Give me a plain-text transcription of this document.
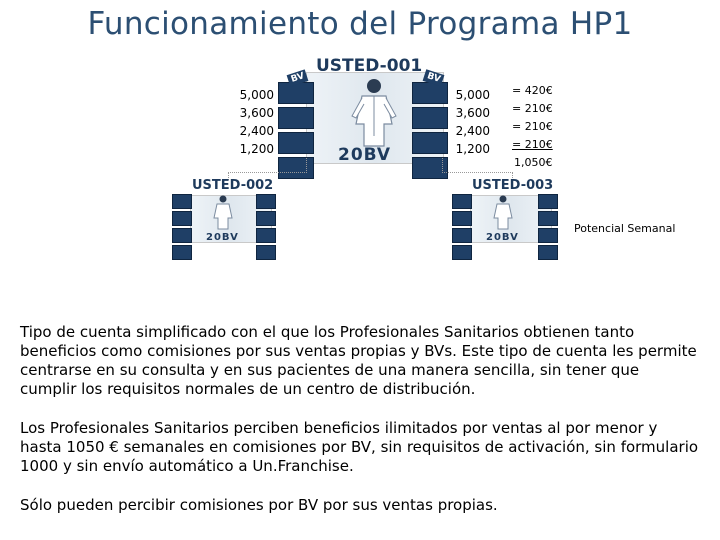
Funcionamiento del Programa HP1
USTED-001
BV	BV
20BV
5,000
3,600
2,400
1,200
5,000
3,600
2,400
1,200
= 420€
= 210€
= 210€
= 210€
1,050€
USTED-002
20BV
USTED-003
20BV
Potencial Semanal
Tipo de cuenta simplificado con el que los Profesionales Sanitarios obtienen tanto beneficios como comisiones por sus ventas propias y BVs. Este tipo de cuenta les permite centrarse en su consulta y en sus pacientes de una manera sencilla, sin tener que cumplir los requisitos normales de un centro de distribución.
Los Profesionales Sanitarios perciben beneficios ilimitados por ventas al por menor y hasta 1050 € semanales en comisiones por BV, sin requisitos de activación, sin formulario 1000 y sin envío automático a Un.Franchise.
Sólo pueden percibir comisiones por BV por sus ventas propias.
